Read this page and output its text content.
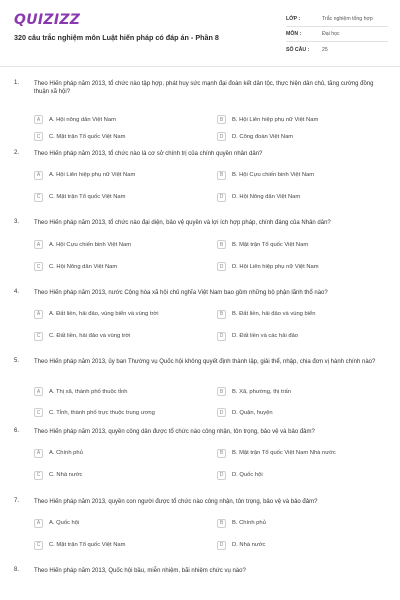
QUIZIZZ
320 câu trắc nghiệm môn Luật hiến pháp có đáp án - Phần 8
LỚP :	Trắc nghiệm tổng hợp
MÔN :	Đại học
SỐ CÂU :	25
1. Theo Hiến pháp năm 2013, tổ chức nào tập hợp, phát huy sức mạnh đại đoàn kết dân tộc, thực hiện dân chủ, tăng cường đồng thuận xã hội?
A	A. Hội nông dân Việt Nam	B	B. Hội Liên hiệp phụ nữ Việt Nam
C	C. Mặt trận Tổ quốc Việt Nam	D	D. Công đoàn Việt Nam
2. Theo Hiến pháp năm 2013, tổ chức nào là cơ sở chính trị của chính quyền nhân dân?
A	A. Hội Liên hiệp phụ nữ Việt Nam	B	B. Hội Cựu chiến binh Việt Nam
C	C. Mặt trận Tổ quốc Việt Nam	D	D. Hội Nông dân Việt Nam
3. Theo Hiến pháp năm 2013, tổ chức nào đại diện, bảo vệ quyền và lợi ích hợp pháp, chính đáng của Nhân dân?
A	A. Hội Cựu chiến binh Việt Nam	B	B. Mặt trận Tổ quốc Việt Nam
C	C. Hội Nông dân Việt Nam	D	D. Hội Liên hiệp phụ nữ Việt Nam
4. Theo Hiến pháp năm 2013, nước Cộng hòa xã hội chủ nghĩa Việt Nam bao gồm những bộ phận lãnh thổ nào?
A	A. Đất liền, hải đảo, vùng biển và vùng trời	B	B. Đất liền, hải đảo và vùng biển
C	C. Đất liền, hải đảo và vùng trời	D	D. Đất liền và các hải đảo
5. Theo Hiến pháp năm 2013, ủy ban Thường vụ Quốc hội không quyết định thành lập, giải thể, nhập, chia đơn vị hành chính nào?
A	A. Thị xã, thành phố thuộc tỉnh	B	B. Xã, phường, thị trấn
C	C. Tỉnh, thành phố trực thuộc trung ương	D	D. Quận, huyện
6. Theo Hiến pháp năm 2013, quyền công dân được tổ chức nào công nhận, tôn trọng, bảo vệ và bảo đảm?
A	A. Chính phủ	B	B. Mặt trận Tổ quốc Việt Nam Nhà nước
C	C. Nhà nước	D	D. Quốc hội
7. Theo Hiến pháp năm 2013, quyền con người được tổ chức nào công nhận, tôn trọng, bảo vệ và bảo đảm?
A	A. Quốc hội	B	B. Chính phủ
C	C. Mặt trận Tổ quốc Việt Nam	D	D. Nhà nước
8. Theo Hiến pháp năm 2013, Quốc hội bầu, miễn nhiệm, bãi nhiệm chức vụ nào?
